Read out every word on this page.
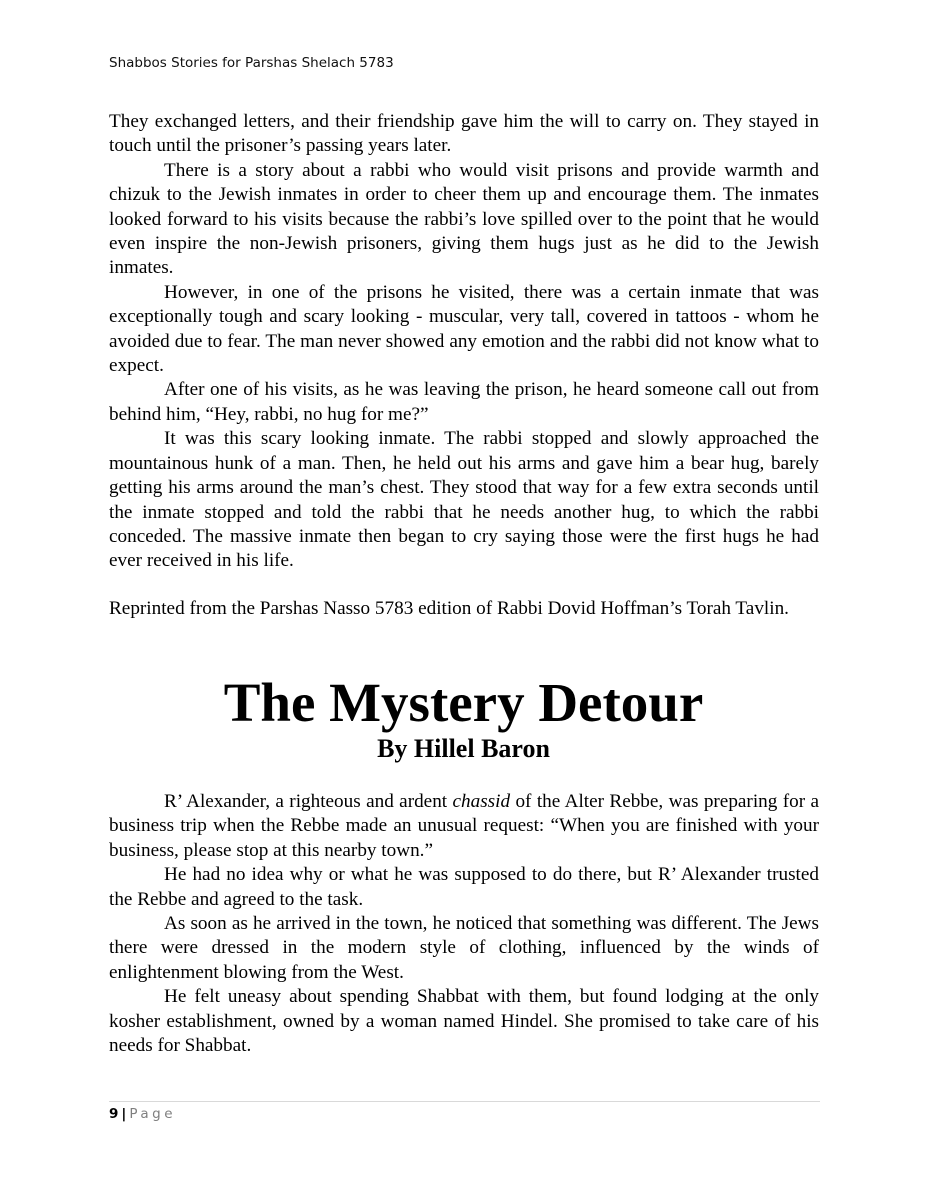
Shabbos Stories for Parshas Shelach 5783

They exchanged letters, and their friendship gave him the will to carry on. They stayed in touch until the prisoner’s passing years later.

There is a story about a rabbi who would visit prisons and provide warmth and chizuk to the Jewish inmates in order to cheer them up and encourage them. The inmates looked forward to his visits because the rabbi’s love spilled over to the point that he would even inspire the non-Jewish prisoners, giving them hugs just as he did to the Jewish inmates.

However, in one of the prisons he visited, there was a certain inmate that was exceptionally tough and scary looking - muscular, very tall, covered in tattoos - whom he avoided due to fear. The man never showed any emotion and the rabbi did not know what to expect.

After one of his visits, as he was leaving the prison, he heard someone call out from behind him, “Hey, rabbi, no hug for me?”

It was this scary looking inmate. The rabbi stopped and slowly approached the mountainous hunk of a man. Then, he held out his arms and gave him a bear hug, barely getting his arms around the man’s chest. They stood that way for a few extra seconds until the inmate stopped and told the rabbi that he needs another hug, to which the rabbi conceded. The massive inmate then began to cry saying those were the first hugs he had ever received in his life.

Reprinted from the Parshas Nasso 5783 edition of Rabbi Dovid Hoffman’s Torah Tavlin.

The Mystery Detour
By Hillel Baron

R’ Alexander, a righteous and ardent chassid of the Alter Rebbe, was preparing for a business trip when the Rebbe made an unusual request: “When you are finished with your business, please stop at this nearby town.”

He had no idea why or what he was supposed to do there, but R’ Alexander trusted the Rebbe and agreed to the task.

As soon as he arrived in the town, he noticed that something was different. The Jews there were dressed in the modern style of clothing, influenced by the winds of enlightenment blowing from the West.

He felt uneasy about spending Shabbat with them, but found lodging at the only kosher establishment, owned by a woman named Hindel. She promised to take care of his needs for Shabbat.

9 | Page
